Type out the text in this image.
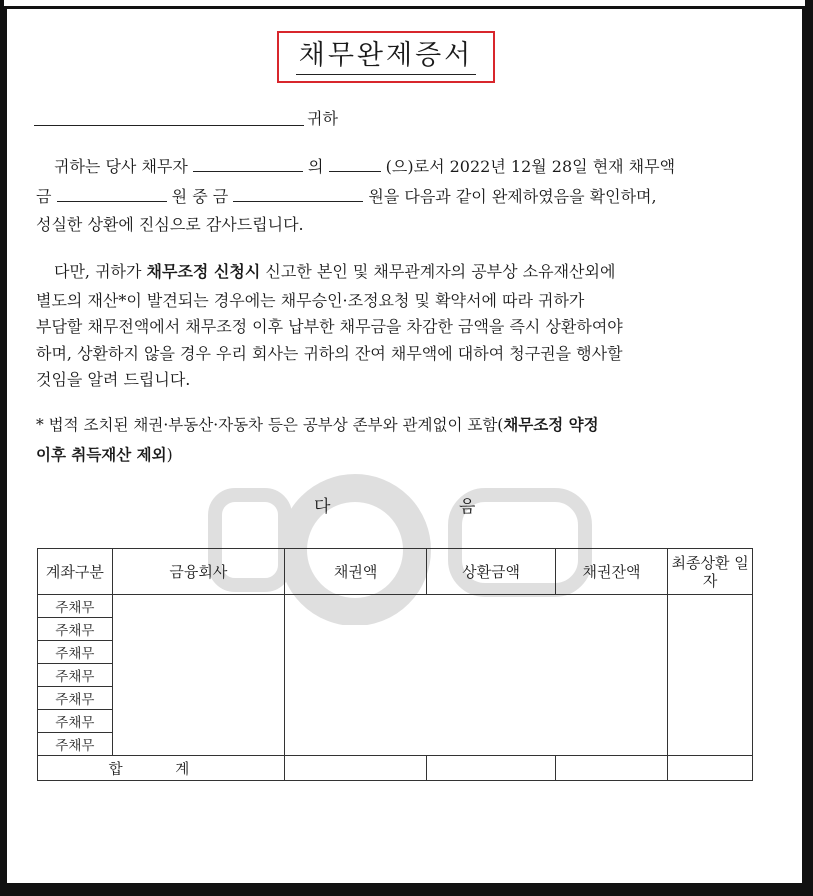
채무완제증서
귀하
귀하는 당사 채무자	의	(으)로서 2022년 12월 28일 현재 채무액
금	원 중 금	원을 다음과 같이 완제하였음을 확인하며,
성실한 상환에 진심으로 감사드립니다.
다만, 귀하가 채무조정 신청시 신고한 본인 및 채무관계자의 공부상 소유재산외에
별도의 재산*이 발견되는 경우에는 채무승인·조정요청 및 확약서에 따라 귀하가
부담할 채무전액에서 채무조정 이후 납부한 채무금을 차감한 금액을 즉시 상환하여야
하며, 상환하지 않을 경우 우리 회사는 귀하의 잔여 채무액에 대하여 청구권을 행사할
것임을 알려 드립니다.
* 법적 조치된 채권·부동산·자동차 등은 공부상 존부와 관계없이 포함(채무조정 약정
이후 취득재산 제외)
다	음
계좌구분	금융회사	채권액	상환금액	채권잔액	최종상환 일자
주채무					
주채무					
주채무					
주채무					
주채무					
주채무					
주채무					
합 계					
